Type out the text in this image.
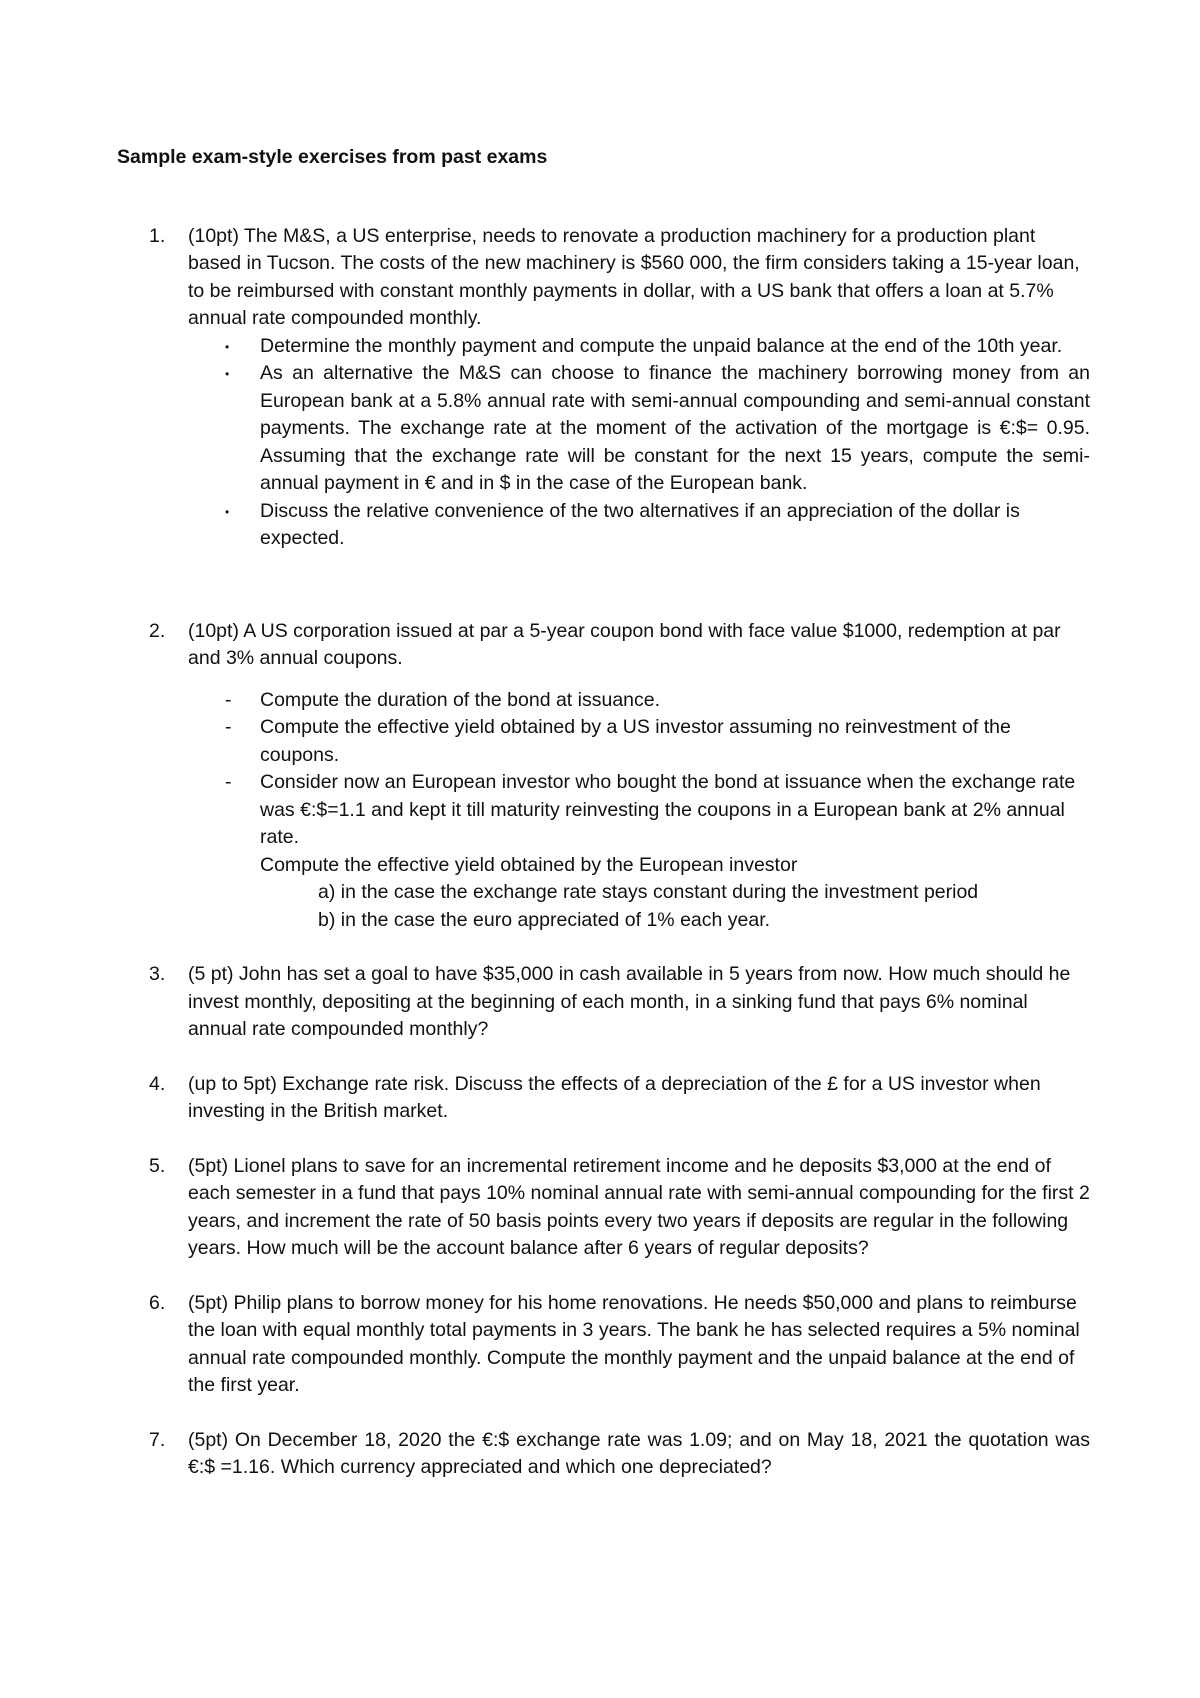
Sample exam-style exercises from past exams
1. (10pt) The M&S, a US enterprise, needs to renovate a production machinery for a production plant based in Tucson. The costs of the new machinery is $560 000, the firm considers taking a 15-year loan, to be reimbursed with constant monthly payments in dollar, with a US bank that offers a loan at 5.7% annual rate compounded monthly.

• Determine the monthly payment and compute the unpaid balance at the end of the 10th year.
• As an alternative the M&S can choose to finance the machinery borrowing money from an European bank at a 5.8% annual rate with semi-annual compounding and semi-annual constant payments. The exchange rate at the moment of the activation of the mortgage is €:$= 0.95. Assuming that the exchange rate will be constant for the next 15 years, compute the semi-annual payment in € and in $ in the case of the European bank.
• Discuss the relative convenience of the two alternatives if an appreciation of the dollar is expected.
2. (10pt) A US corporation issued at par a 5-year coupon bond with face value $1000, redemption at par and 3% annual coupons.

- Compute the duration of the bond at issuance.
- Compute the effective yield obtained by a US investor assuming no reinvestment of the coupons.
- Consider now an European investor who bought the bond at issuance when the exchange rate was €:$=1.1 and kept it till maturity reinvesting the coupons in a European bank at 2% annual rate.
Compute the effective yield obtained by the European investor
a) in the case the exchange rate stays constant during the investment period
b) in the case the euro appreciated of 1% each year.
3. (5 pt) John has set a goal to have $35,000 in cash available in 5 years from now. How much should he invest monthly, depositing at the beginning of each month, in a sinking fund that pays 6% nominal annual rate compounded monthly?

4. (up to 5pt) Exchange rate risk. Discuss the effects of a depreciation of the £ for a US investor when investing in the British market.

5. (5pt) Lionel plans to save for an incremental retirement income and he deposits $3,000 at the end of each semester in a fund that pays 10% nominal annual rate with semi-annual compounding for the first 2 years, and increment the rate of 50 basis points every two years if deposits are regular in the following years. How much will be the account balance after 6 years of regular deposits?

6. (5pt) Philip plans to borrow money for his home renovations. He needs $50,000 and plans to reimburse the loan with equal monthly total payments in 3 years. The bank he has selected requires a 5% nominal annual rate compounded monthly. Compute the monthly payment and the unpaid balance at the end of the first year.

7. (5pt) On December 18, 2020 the €:$ exchange rate was 1.09; and on May 18, 2021 the quotation was €:$ =1.16. Which currency appreciated and which one depreciated?
